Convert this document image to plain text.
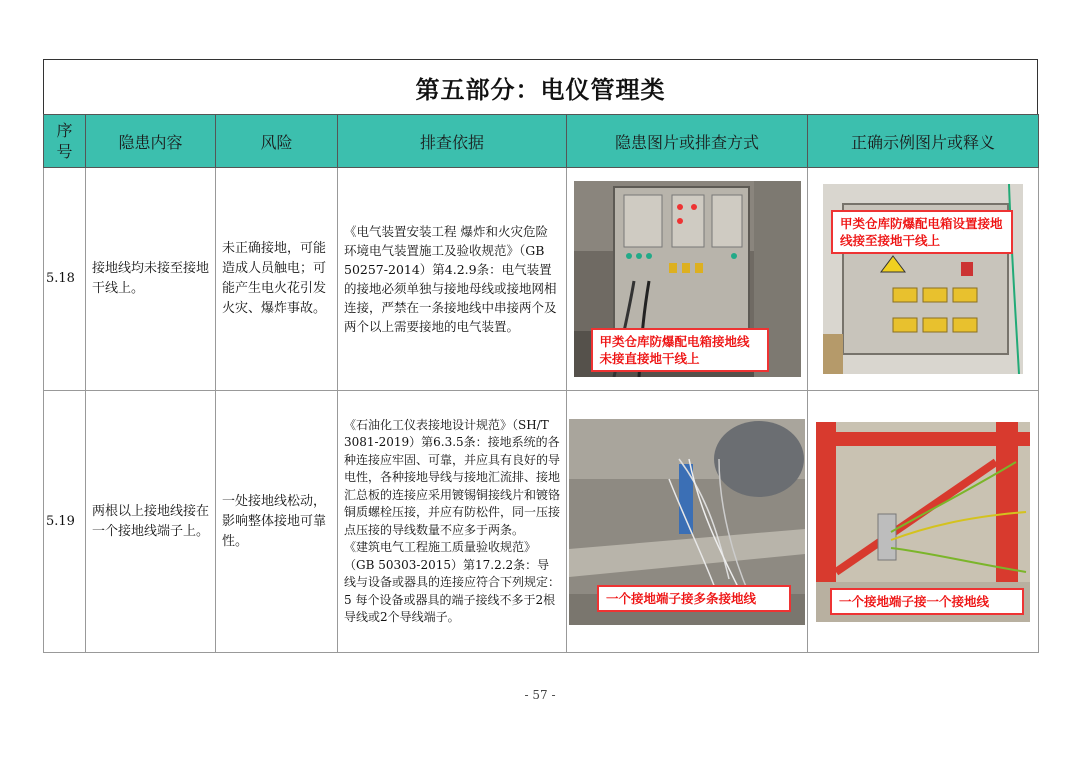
第五部分：电仪管理类
序号	隐患内容	风险	排查依据	隐患图片或排查方式	正确示例图片或释义
5.18	接地线均未接至接地干线上。	未正确接地，可能造成人员触电；可能产生电火花引发火灾、爆炸事故。	《电气装置安装工程 爆炸和火灾危险环境电气装置施工及验收规范》（GB 50257-2014）第4.2.9条：电气装置的接地必须单独与接地母线或接地网相连接，严禁在一条接地线中串接两个及两个以上需要接地的电气装置。	甲类仓库防爆配电箱接地线未接直接地干线上	甲类仓库防爆配电箱设置接地线接至接地干线上

5.19	两根以上接地线接在一个接地线端子上。	一处接地线松动，影响整体接地可靠性。	《石油化工仪表接地设计规范》（SH/T 3081-2019）第6.3.5条：接地系统的各种连接应牢固、可靠，并应具有良好的导电性，各种接地导线与接地汇流排、接地汇总板的连接应采用镀锡铜接线片和镀铬铜质螺栓压接，并应有防松件，同一压接点压接的导线数量不应多于两条。
《建筑电气工程施工质量验收规范》（GB 50303-2015）第17.2.2条：导线与设备或器具的连接应符合下列规定：5 每个设备或器具的端子接线不多于2根导线或2个导线端子。	一个接地端子接多条接地线	一个接地端子接一个接地线
- 57 -
